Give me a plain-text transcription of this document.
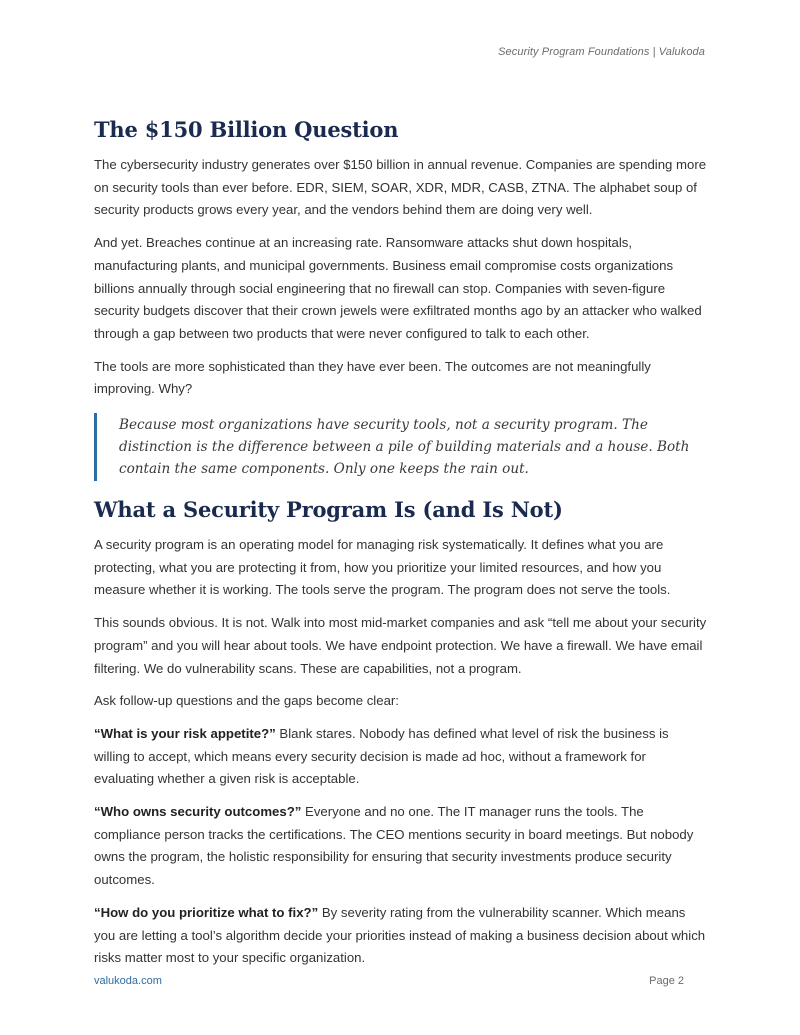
Security Program Foundations | Valukoda
The $150 Billion Question

The cybersecurity industry generates over $150 billion in annual revenue. Companies are spending more on security tools than ever before. EDR, SIEM, SOAR, XDR, MDR, CASB, ZTNA. The alphabet soup of security products grows every year, and the vendors behind them are doing very well.

And yet. Breaches continue at an increasing rate. Ransomware attacks shut down hospitals, manufacturing plants, and municipal governments. Business email compromise costs organizations billions annually through social engineering that no firewall can stop. Companies with seven-figure security budgets discover that their crown jewels were exfiltrated months ago by an attacker who walked through a gap between two products that were never configured to talk to each other.

The tools are more sophisticated than they have ever been. The outcomes are not meaningfully improving. Why?

Because most organizations have security tools, not a security program. The distinction is the difference between a pile of building materials and a house. Both contain the same components. Only one keeps the rain out.

What a Security Program Is (and Is Not)

A security program is an operating model for managing risk systematically. It defines what you are protecting, what you are protecting it from, how you prioritize your limited resources, and how you measure whether it is working. The tools serve the program. The program does not serve the tools.

This sounds obvious. It is not. Walk into most mid-market companies and ask “tell me about your security program” and you will hear about tools. We have endpoint protection. We have a firewall. We have email filtering. We do vulnerability scans. These are capabilities, not a program.

Ask follow-up questions and the gaps become clear:

“What is your risk appetite?” Blank stares. Nobody has defined what level of risk the business is willing to accept, which means every security decision is made ad hoc, without a framework for evaluating whether a given risk is acceptable.

“Who owns security outcomes?” Everyone and no one. The IT manager runs the tools. The compliance person tracks the certifications. The CEO mentions security in board meetings. But nobody owns the program, the holistic responsibility for ensuring that security investments produce security outcomes.

“How do you prioritize what to fix?” By severity rating from the vulnerability scanner. Which means you are letting a tool’s algorithm decide your priorities instead of making a business decision about which risks matter most to your specific organization.

valukoda.com	Page 2
